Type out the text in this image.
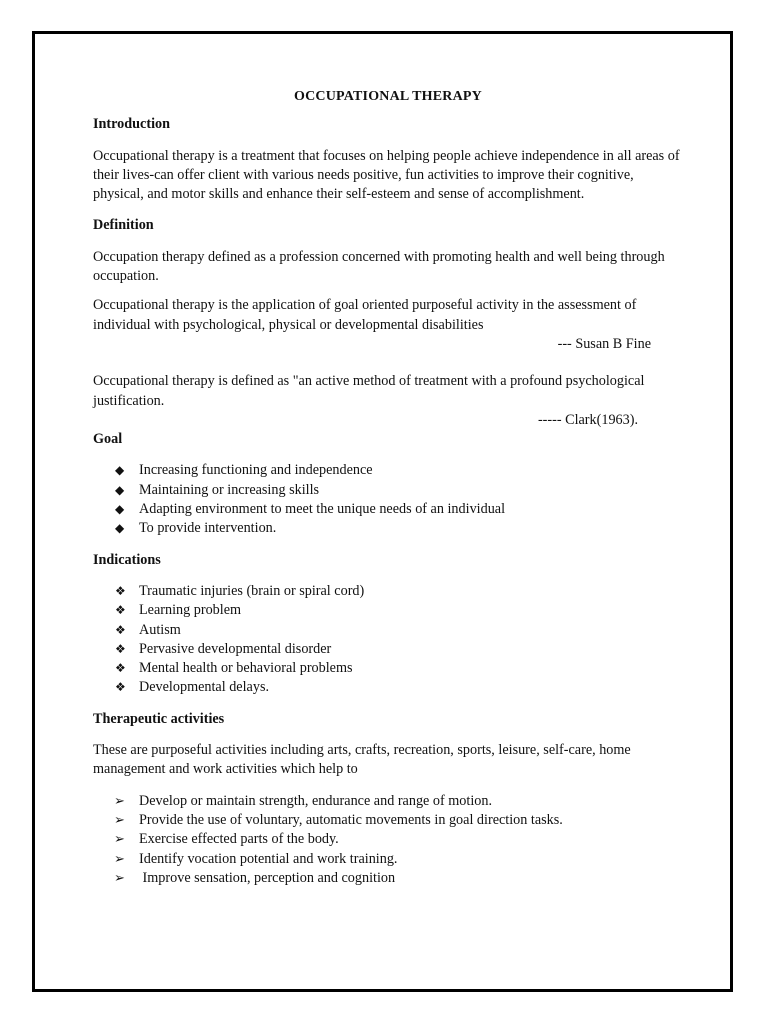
OCCUPATIONAL THERAPY

Introduction

Occupational therapy is a treatment that focuses on helping people achieve independence in all areas of their lives-can offer client with various needs positive, fun activities to improve their cognitive, physical, and motor skills and enhance their self-esteem and sense of accomplishment.

Definition

Occupation therapy defined as a profession concerned with promoting health and well being through occupation.

Occupational therapy is the application of goal oriented purposeful activity in the assessment of individual with psychological, physical or developmental disabilities

--- Susan B Fine

Occupational therapy is defined as "an active method of treatment with a profound psychological justification.

----- Clark(1963).

Goal

◆ Increasing functioning and independence
◆ Maintaining or increasing skills
◆ Adapting environment to meet the unique needs of an individual
◆ To provide intervention.

Indications

❖ Traumatic injuries (brain or spiral cord)
❖ Learning problem
❖ Autism
❖ Pervasive developmental disorder
❖ Mental health or behavioral problems
❖ Developmental delays.

Therapeutic activities

These are purposeful activities including arts, crafts, recreation, sports, leisure, self-care, home management and work activities which help to

➢ Develop or maintain strength, endurance and range of motion.
➢ Provide the use of voluntary, automatic movements in goal direction tasks.
➢ Exercise effected parts of the body.
➢ Identify vocation potential and work training.
➢ Improve sensation, perception and cognition
